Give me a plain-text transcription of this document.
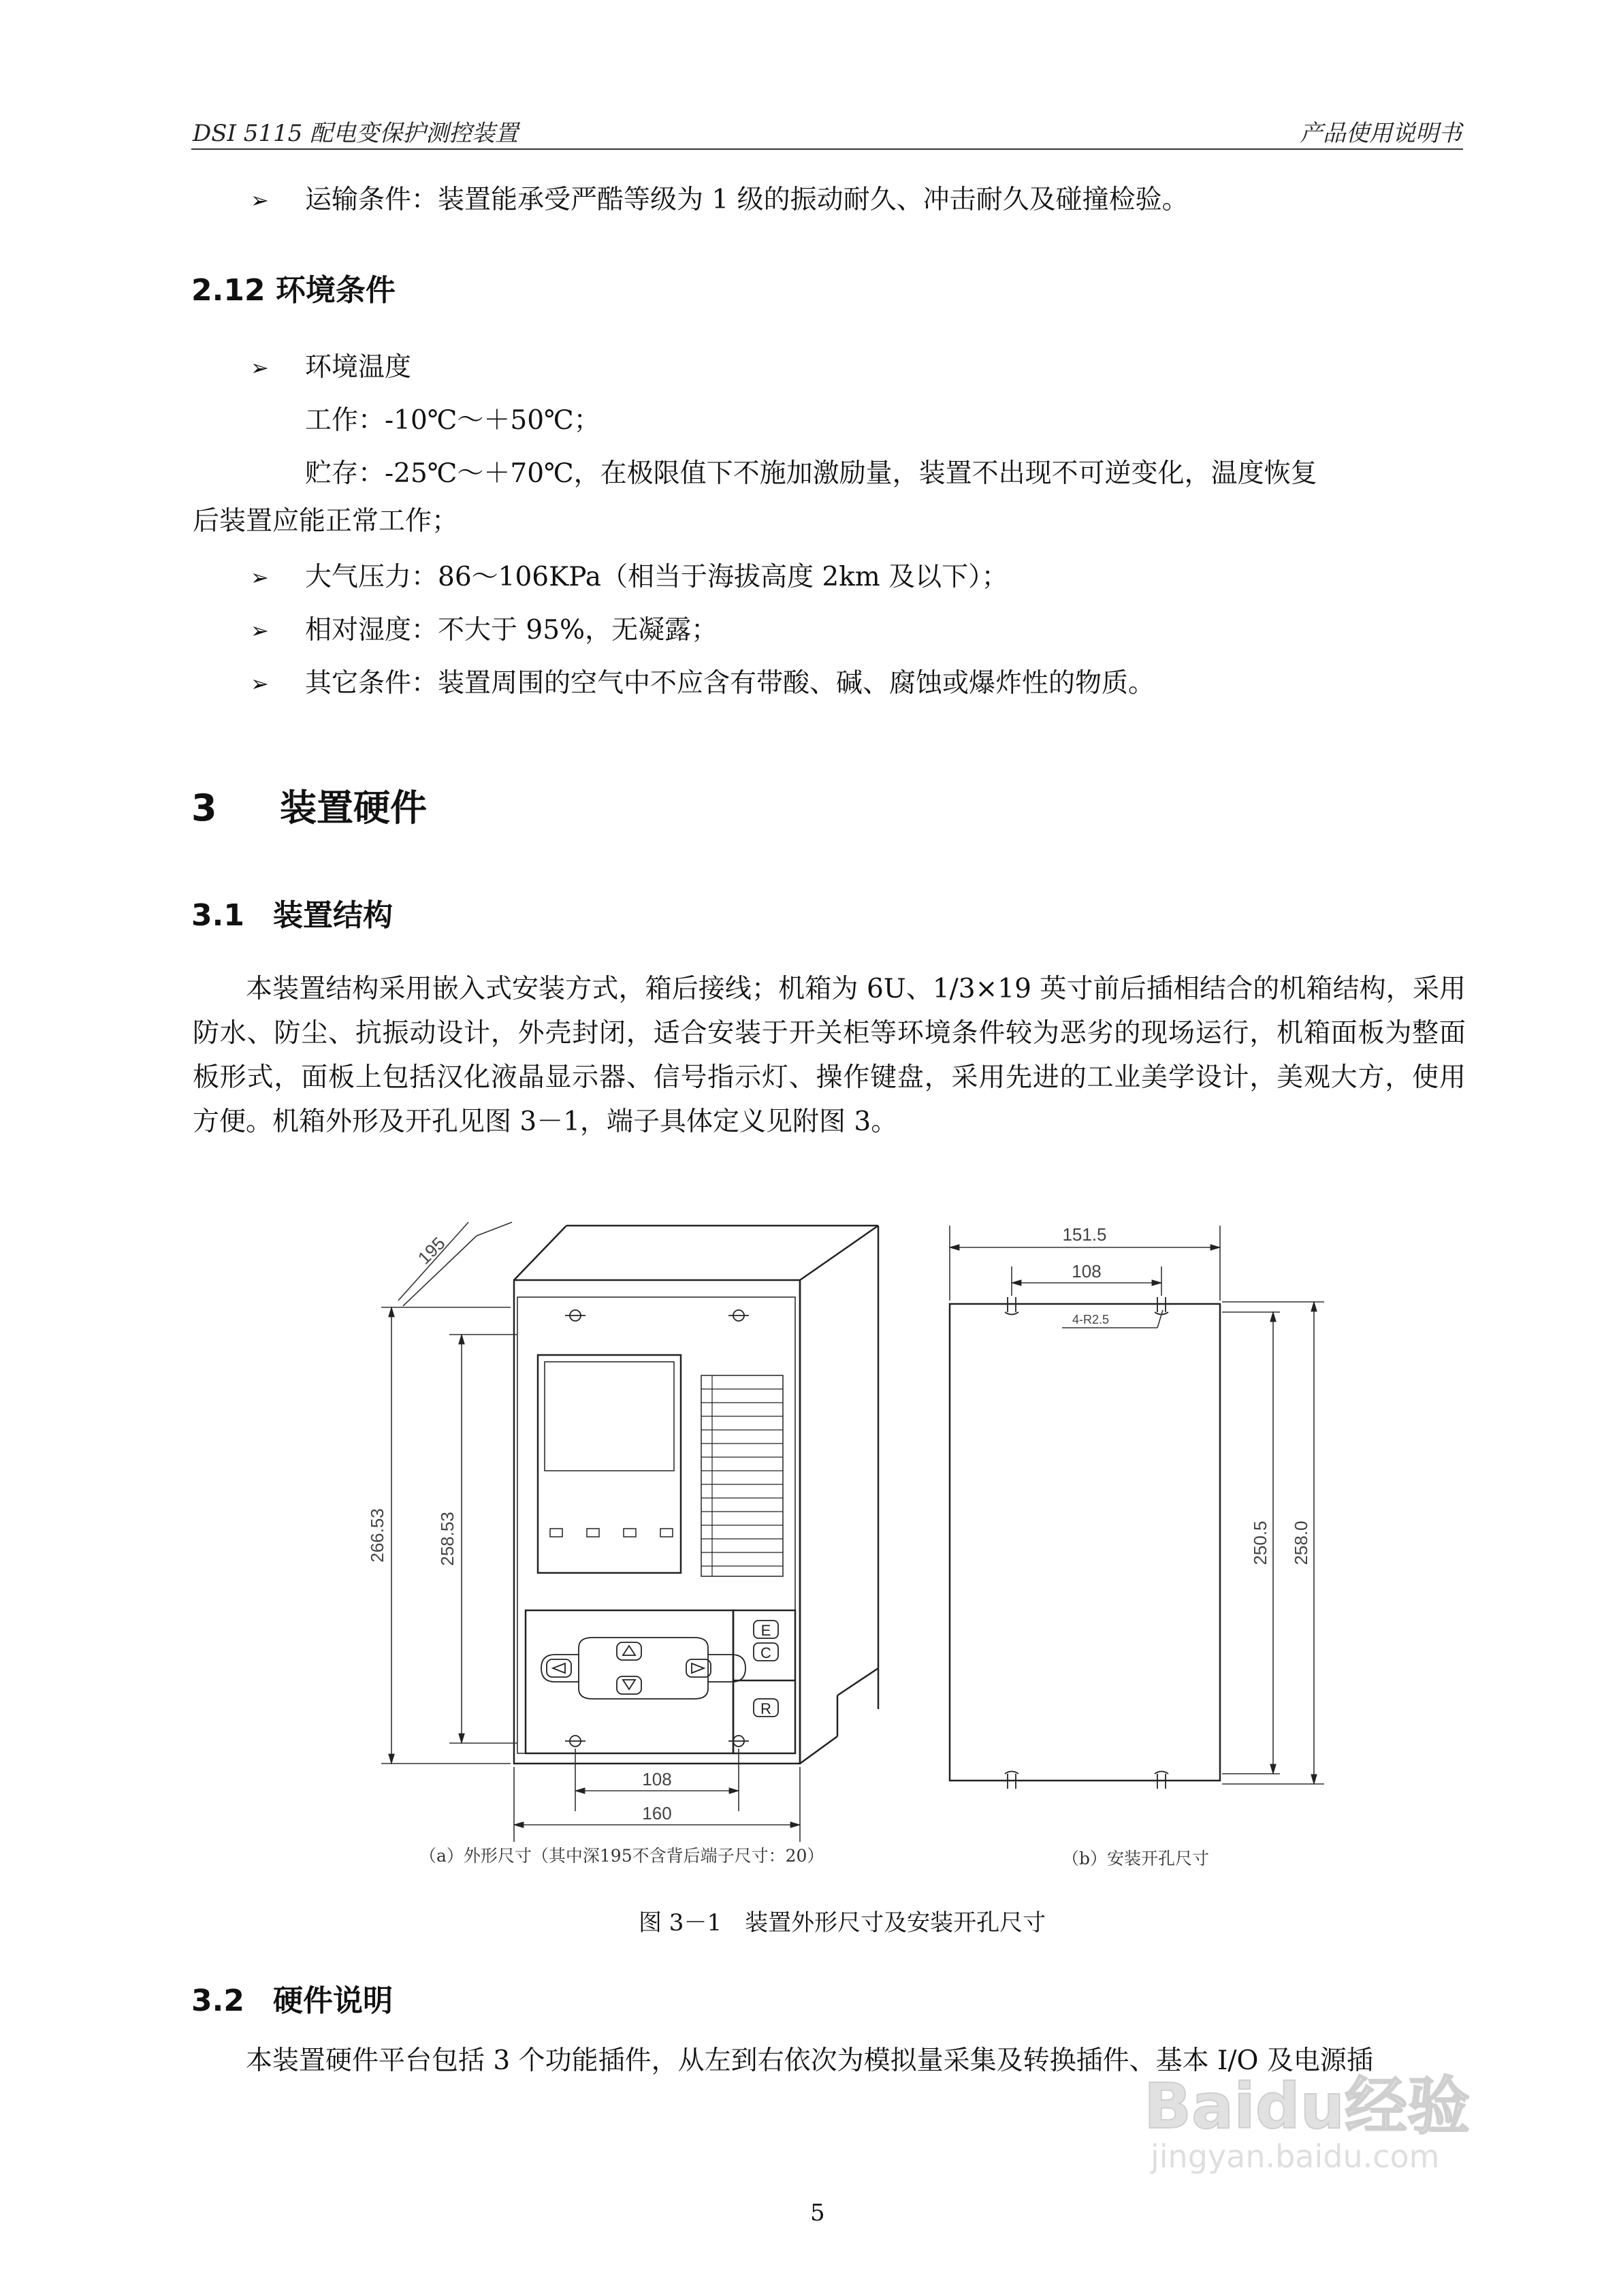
DSI 5115 配电变保护测控装置	产品使用说明书
➢ 运输条件：装置能承受严酷等级为 1 级的振动耐久、冲击耐久及碰撞检验。
2.12 环境条件
➢ 环境温度
工作：-10℃～＋50℃；
贮存：-25℃～＋70℃，在极限值下不施加激励量，装置不出现不可逆变化，温度恢复
后装置应能正常工作；
➢ 大气压力：86～106KPa（相当于海拔高度 2km 及以下）；
➢ 相对湿度：不大于 95%，无凝露；
➢ 其它条件：装置周围的空气中不应含有带酸、碱、腐蚀或爆炸性的物质。
3 装置硬件
3.1 装置结构
本装置结构采用嵌入式安装方式，箱后接线；机箱为 6U、1/3×19 英寸前后插相结合的机箱结构，采用防水、防尘、抗振动设计，外壳封闭，适合安装于开关柜等环境条件较为恶劣的现场运行，机箱面板为整面板形式，面板上包括汉化液晶显示器、信号指示灯、操作键盘，采用先进的工业美学设计，美观大方，使用方便。机箱外形及开孔见图 3－1，端子具体定义见附图 3。
E
C
R
195
266.53	258.53
108
160
151.5
108
4-R2.5
250.5 258.0
（a）外形尺寸（其中深195不含背后端子尺寸：20）	（b）安装开孔尺寸
图 3－1　装置外形尺寸及安装开孔尺寸
3.2 硬件说明
本装置硬件平台包括 3 个功能插件，从左到右依次为模拟量采集及转换插件、基本 I/O 及电源插
Baidu经验
jingyan.baidu.com
5
